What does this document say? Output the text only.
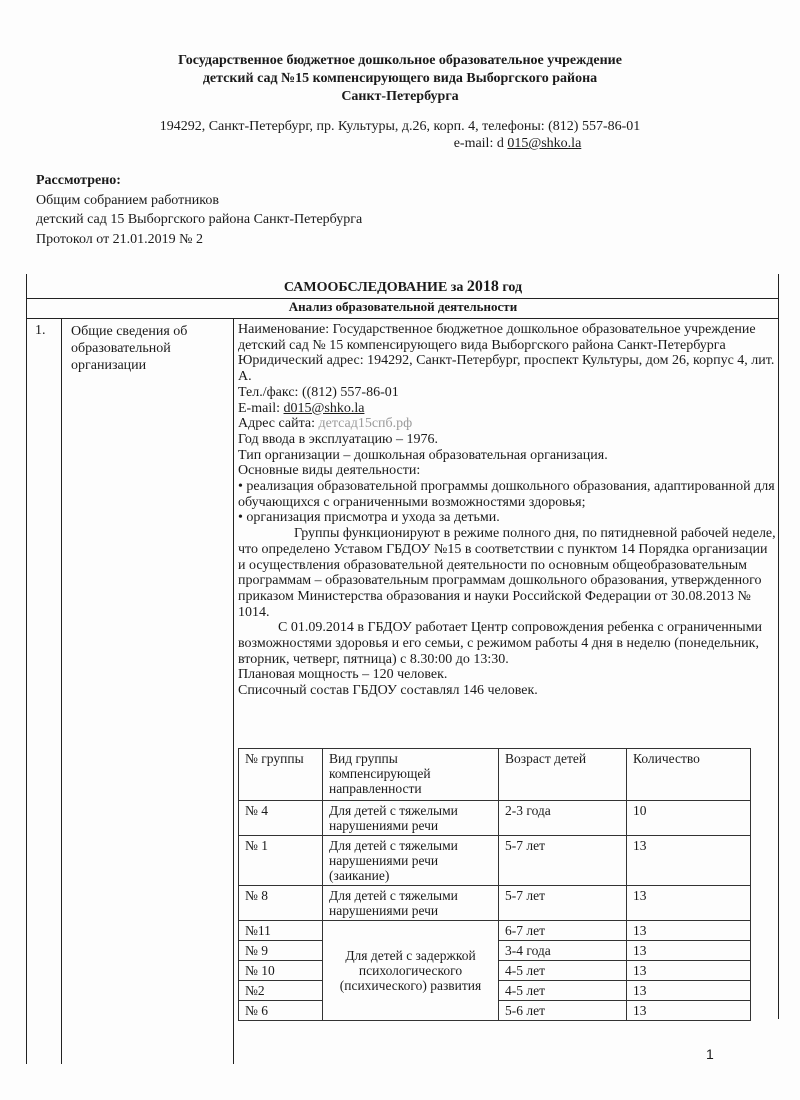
Государственное бюджетное дошкольное образовательное учреждение
детский сад №15 компенсирующего вида Выборгского района
Санкт-Петербурга
194292, Санкт-Петербург, пр. Культуры, д.26, корп. 4, телефоны: (812) 557-86-01
e-mail: d 015@shko.la
Рассмотрено:
Общим собранием работников
детский сад 15 Выборгского района Санкт-Петербурга
Протокол от 21.01.2019 № 2
САМООБСЛЕДОВАНИЕ за 2018 год
Анализ образовательной деятельности
1. Общие сведения об образовательной организации

Наименование: Государственное бюджетное дошкольное образовательное учреждение детский сад № 15 компенсирующего вида Выборгского района Санкт-Петербурга

Юридический адрес: 194292, Санкт-Петербург, проспект Культуры, дом 26, корпус 4, лит. А.

Тел./факс: ((812) 557-86-01

E-mail: d015@shko.la

Адрес сайта: детсад15спб.рф

Год ввода в эксплуатацию – 1976.

Тип организации – дошкольная образовательная организация.

Основные виды деятельности:

• реализация образовательной программы дошкольного образования, адаптированной для обучающихся с ограниченными возможностями здоровья;

• организация присмотра и ухода за детьми.

Группы функционируют в режиме полного дня, по пятидневной рабочей неделе, что определено Уставом ГБДОУ №15 в соответствии с пунктом 14 Порядка организации и осуществления образовательной деятельности по основным общеобразовательным программам – образовательным программам дошкольного образования, утвержденного приказом Министерства образования и науки Российской Федерации от 30.08.2013 № 1014.

С 01.09.2014 в ГБДОУ работает Центр сопровождения ребенка с ограниченными возможностями здоровья и его семьи, с режимом работы 4 дня в неделю (понедельник, вторник, четверг, пятница) с 8.30:00 до 13:30.

Плановая мощность – 120 человек.

Списочный состав ГБДОУ составлял 146 человек.

№ группы	Вид группы компенсирующей направленности	Возраст детей	Количество
№ 4	Для детей с тяжелыми нарушениями речи	2-3 года	10
№ 1	Для детей с тяжелыми нарушениями речи (заикание)	5-7 лет	13
№ 8	Для детей с тяжелыми нарушениями речи	5-7 лет	13
№11	Для детей с задержкой психологического (психического) развития	6-7 лет	13
№ 9		3-4 года	13
№ 10		4-5 лет	13
№2		4-5 лет	13
№ 6		5-6 лет	13
1
